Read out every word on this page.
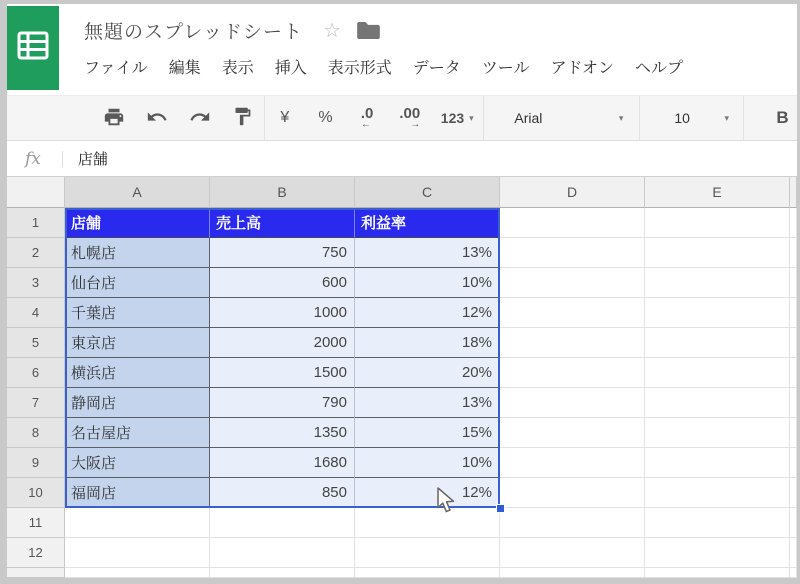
無題のスプレッドシート ☆
ファイル 編集 表示 挿入 表示形式 データ ツール アドオン ヘルプ
¥ % .0
←
.00
→ 123 ▾	Arial	▾	10	▾	B
fx 店舗
A	B	C	D	E
1	店舗	売上高	利益率
2	札幌店	750	13%
3	仙台店	600	10%
4	千葉店	1000	12%
5	東京店	2000	18%
6	横浜店	1500	20%
7	静岡店	790	13%
8	名古屋店	1350	15%
9	大阪店	1680	10%
10	福岡店	850	12%
11
12
